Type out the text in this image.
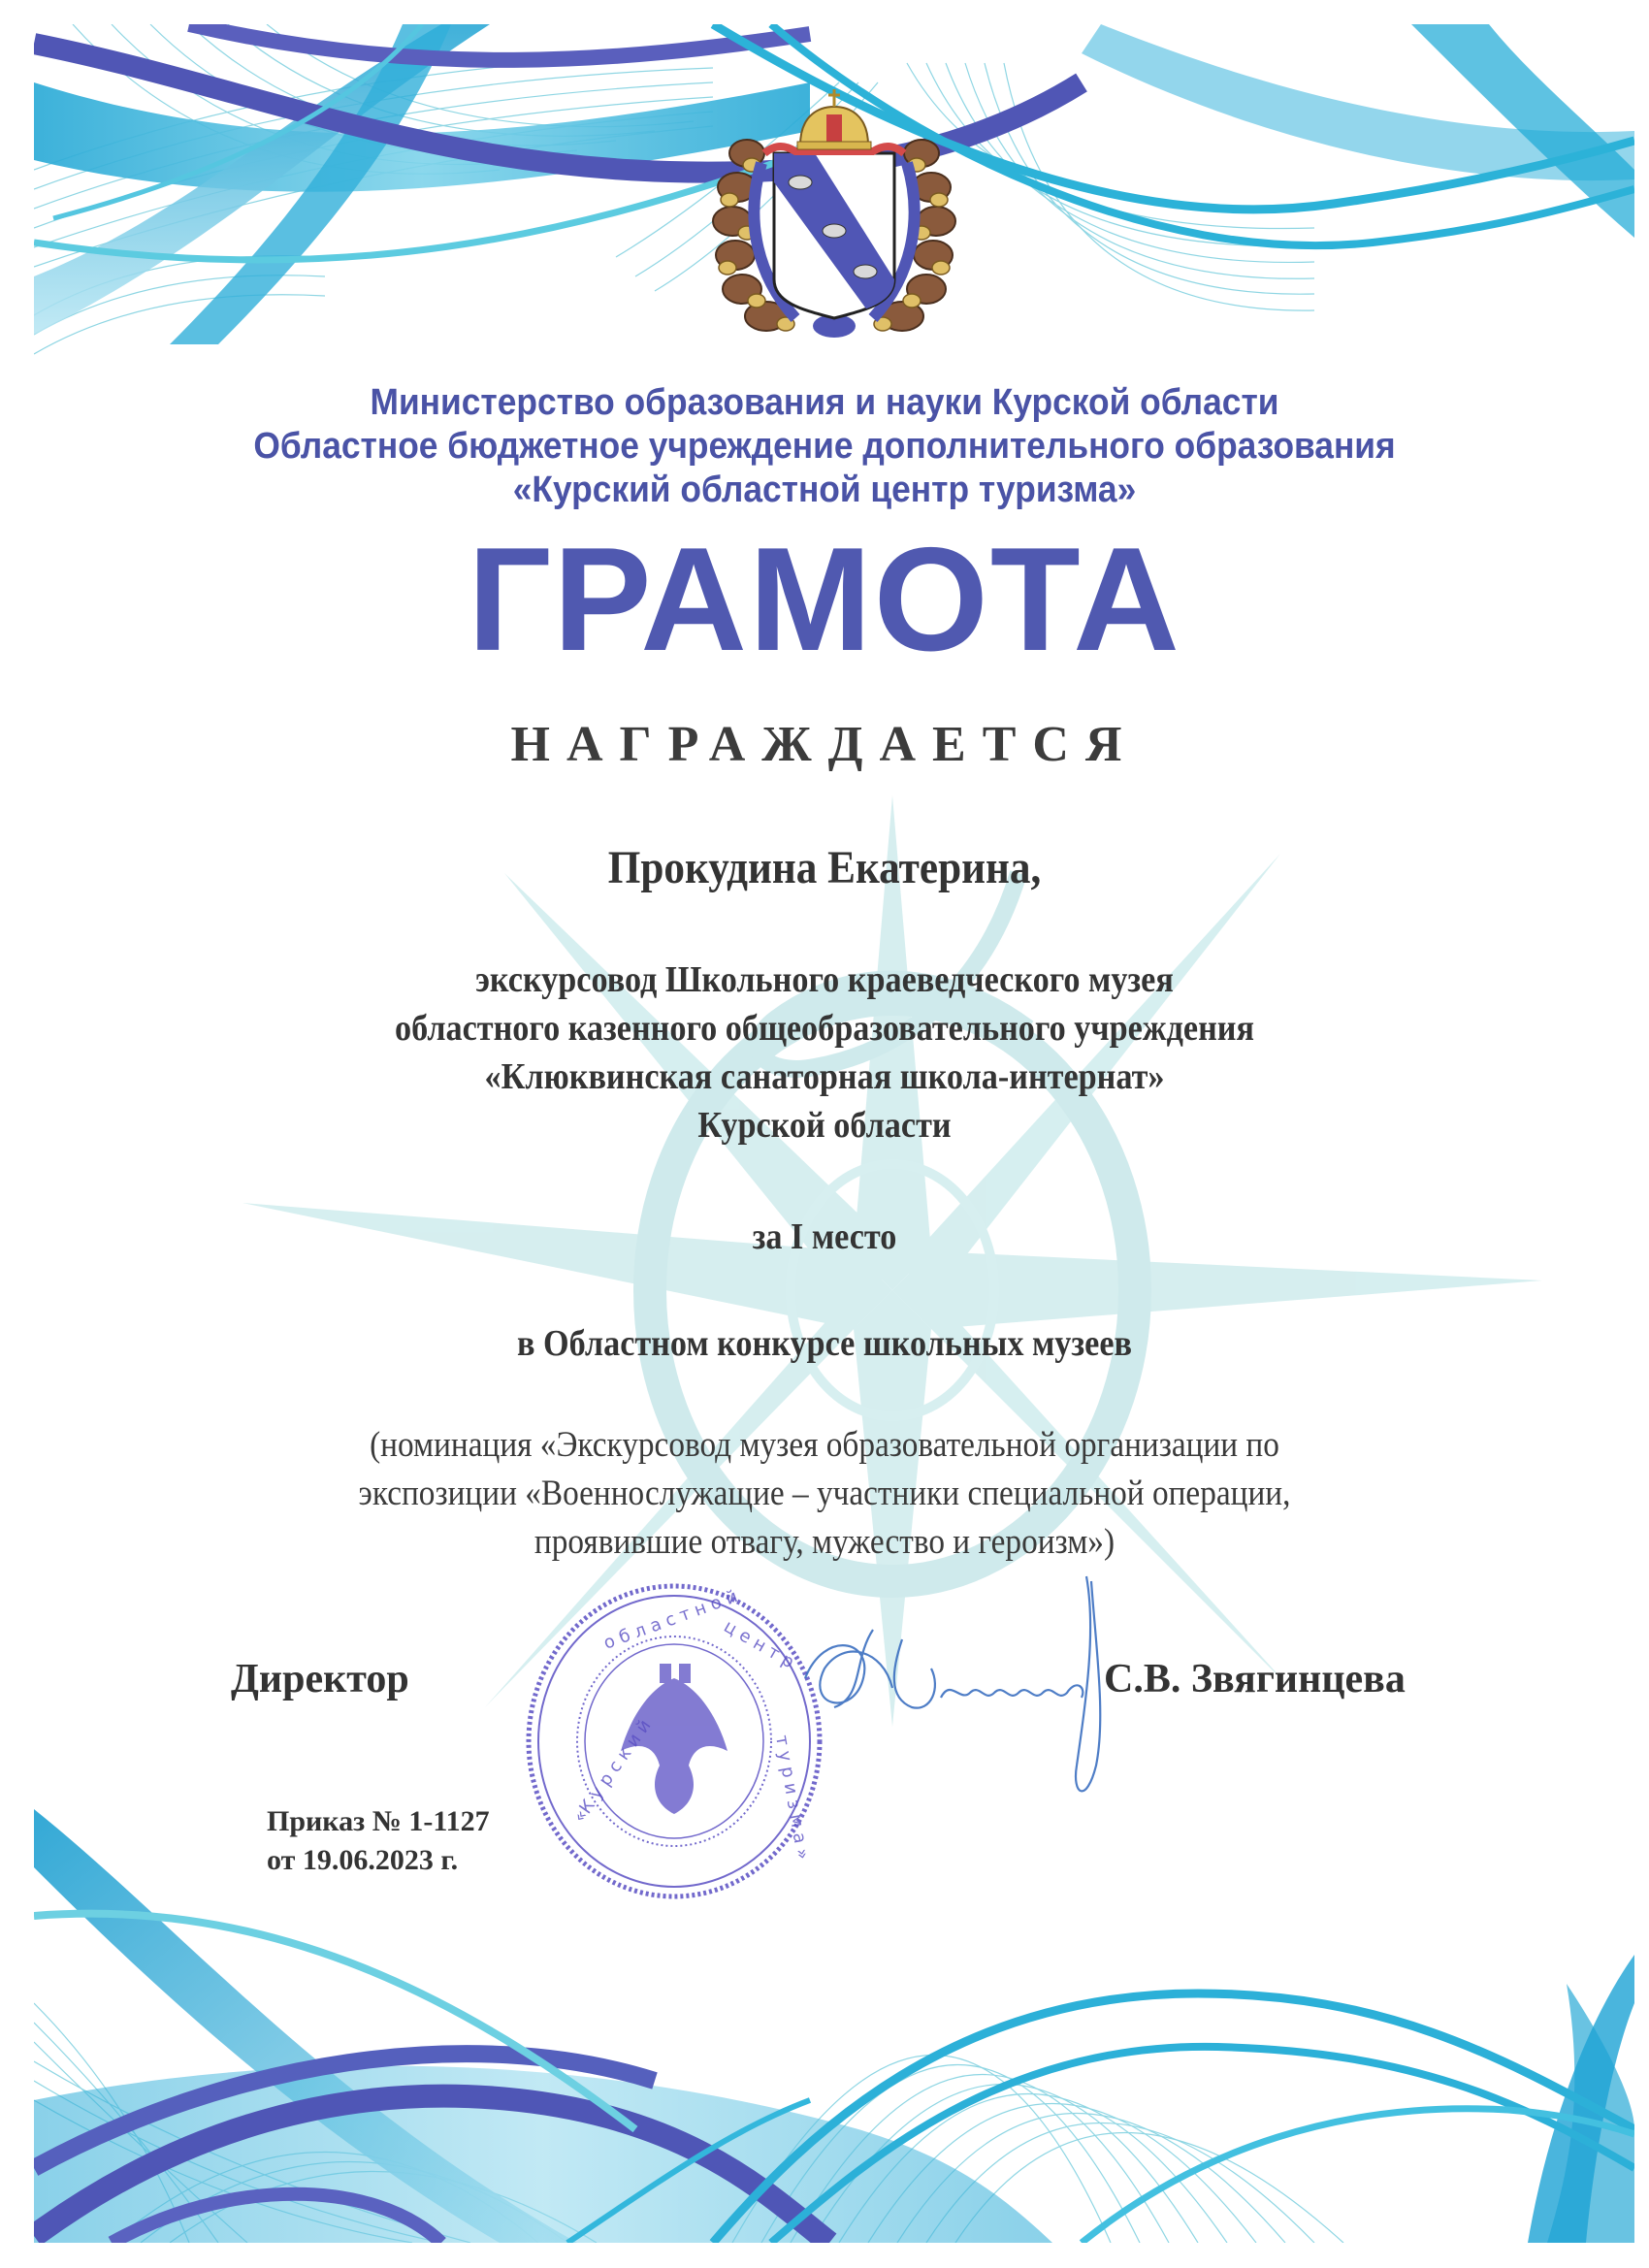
Министерство образования и науки Курской области
Областное бюджетное учреждение дополнительного образования
«Курский областной центр туризма»
ГРАМОТА
НАГРАЖДАЕТСЯ
Прокудина Екатерина,
экскурсовод Школьного краеведческого музея
областного казенного общеобразовательного учреждения
«Клюквинская санаторная школа-интернат»
Курской области
за I место
в Областном конкурсе школьных музеев
(номинация «Экскурсовод музея образовательной организации по
экспозиции «Военнослужащие – участники специальной операции,
проявившие отвагу, мужество и героизм»)
«К у р с к и й
о б л а с т н о й
ц е н т р
т у р и з м а »
Директор	С.В. Звягинцева
Приказ № 1-1127
от 19.06.2023 г.
